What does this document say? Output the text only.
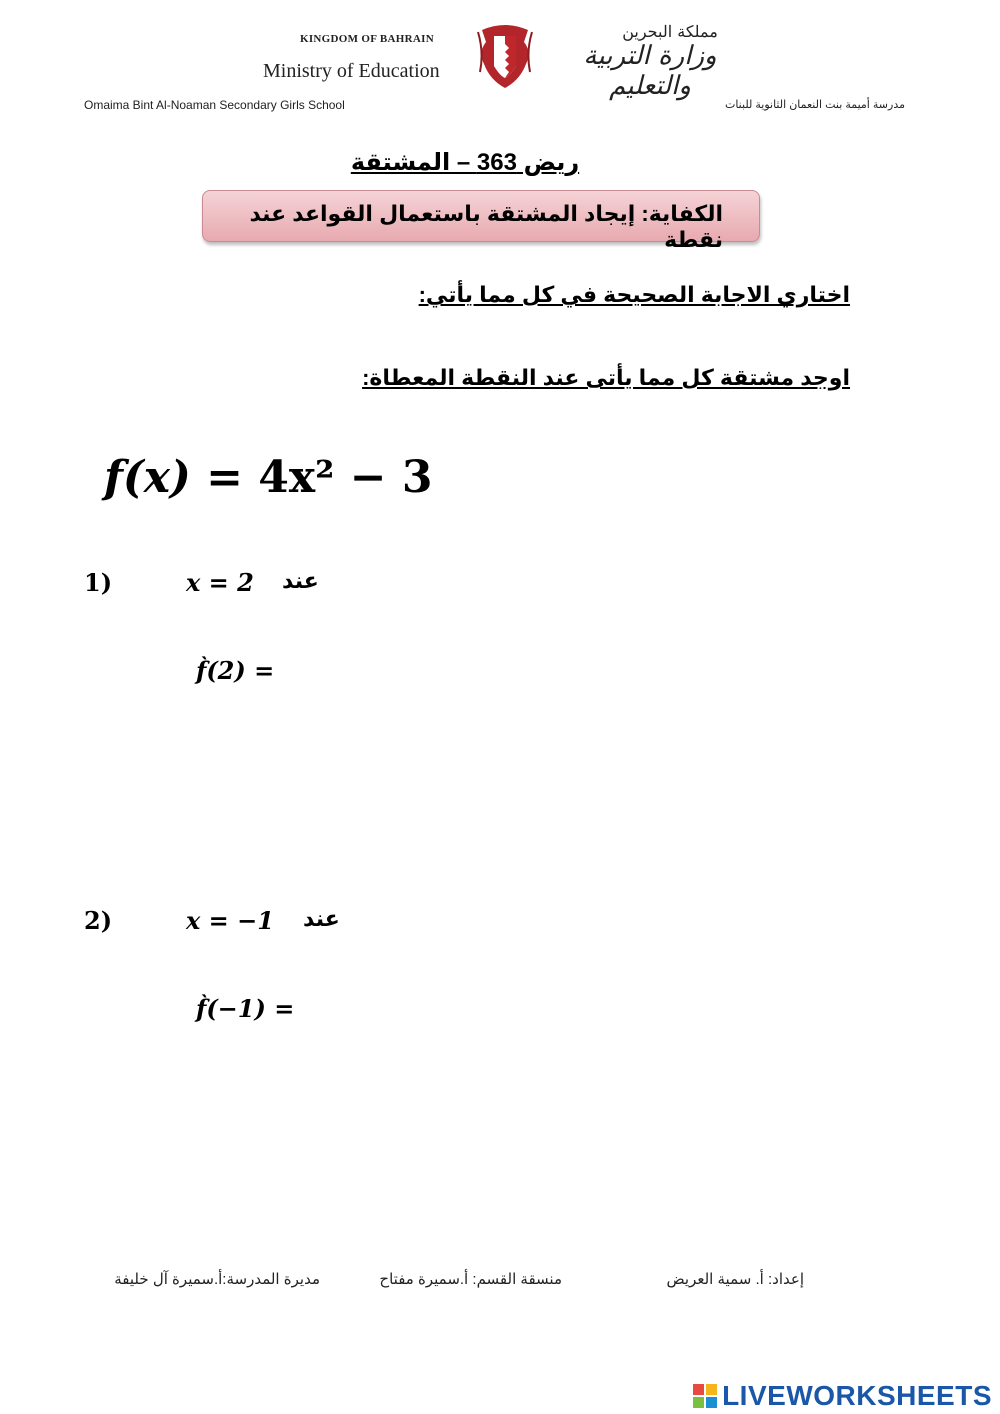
KINGDOM OF BAHRAIN
Ministry of Education
Omaima Bint Al-Noaman Secondary Girls School
مملكة البحرين
وزارة التربية والتعليم
مدرسة أميمة بنت النعمان الثانوية للبنات
ريض 363 – المشتقة
الكفاية: إيجاد المشتقة باستعمال القواعد عند نقطة
اختاري الاجابة الصحيحة في كل مما يأتي:
اوجد مشتقة كل مما يأتى عند النقطة المعطاة:
f(x) = 4x² − 3
1)	x = 2 عند
f̀(2) =
2)	x = −1 عند
f̀(−1) =
إعداد: أ. سمية العريض
منسقة القسم: أ.سميرة مفتاح
مديرة المدرسة:أ.سميرة آل خليفة
LIVEWORKSHEETS
